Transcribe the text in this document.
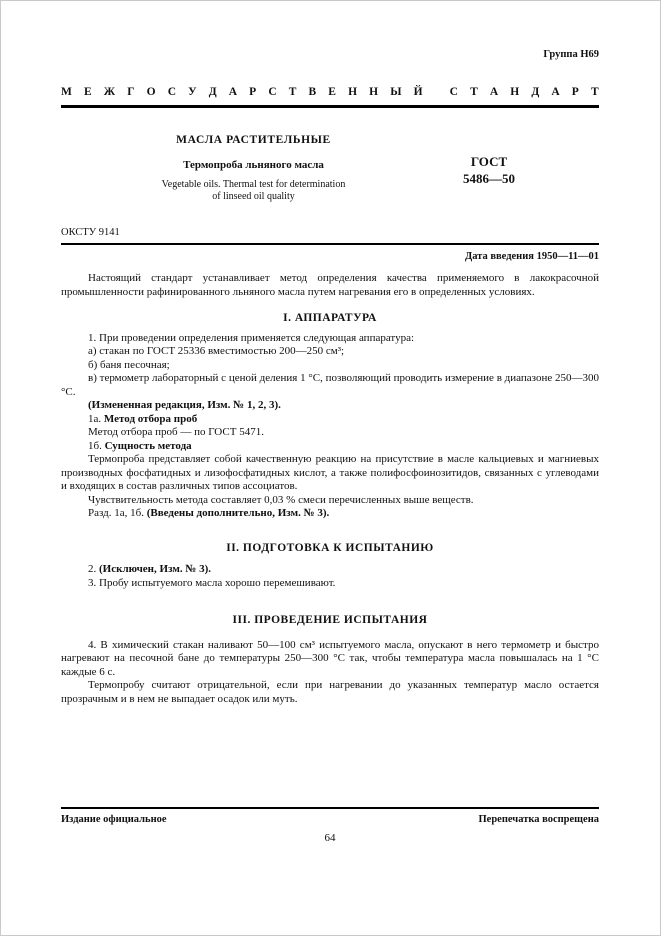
Группа Н69
М Е Ж Г О С У Д А Р С Т В Е Н Н Ы Й
С Т А Н Д А Р Т
МАСЛА РАСТИТЕЛЬНЫЕ
Термопроба льняного масла
Vegetable oils. Thermal test for determination
of linseed oil quality
ГОСТ
5486—50
ОКСТУ 9141
Дата введения 1950—11—01

Настоящий стандарт устанавливает метод определения качества применяемого в лакокрасочной промышленности рафинированного льняного масла путем нагревания его в определенных условиях.

I. АППАРАТУРА

1. При проведении определения применяется следующая аппаратура:

а) стакан по ГОСТ 25336 вместимостью 200—250 см³;

б) баня песочная;

в) термометр лабораторный с ценой деления 1 °С, позволяющий проводить измерение в диапазоне 250—300 °С.

(Измененная редакция, Изм. № 1, 2, 3).

1а. Метод отбора проб

Метод отбора проб — по ГОСТ 5471.

1б. Сущность метода

Термопроба представляет собой качественную реакцию на присутствие в масле кальциевых и магниевых производных фосфатидных и лизофосфатидных кислот, а также полифосфоинозитидов, связанных с углеводами и входящих в состав различных типов ассоциатов.

Чувствительность метода составляет 0,03 % смеси перечисленных выше веществ.

Разд. 1а, 1б. (Введены дополнительно, Изм. № 3).

II. ПОДГОТОВКА К ИСПЫТАНИЮ

2. (Исключен, Изм. № 3).

3. Пробу испытуемого масла хорошо перемешивают.

III. ПРОВЕДЕНИЕ ИСПЫТАНИЯ

4. В химический стакан наливают 50—100 см³ испытуемого масла, опускают в него термометр и быстро нагревают на песочной бане до температуры 250—300 °С так, чтобы температура масла повышалась на 1 °С каждые 6 с.

Термопробу считают отрицательной, если при нагревании до указанных температур масло остается прозрачным и в нем не выпадает осадок или муть.

Издание официальное	Перепечатка воспрещена
64
